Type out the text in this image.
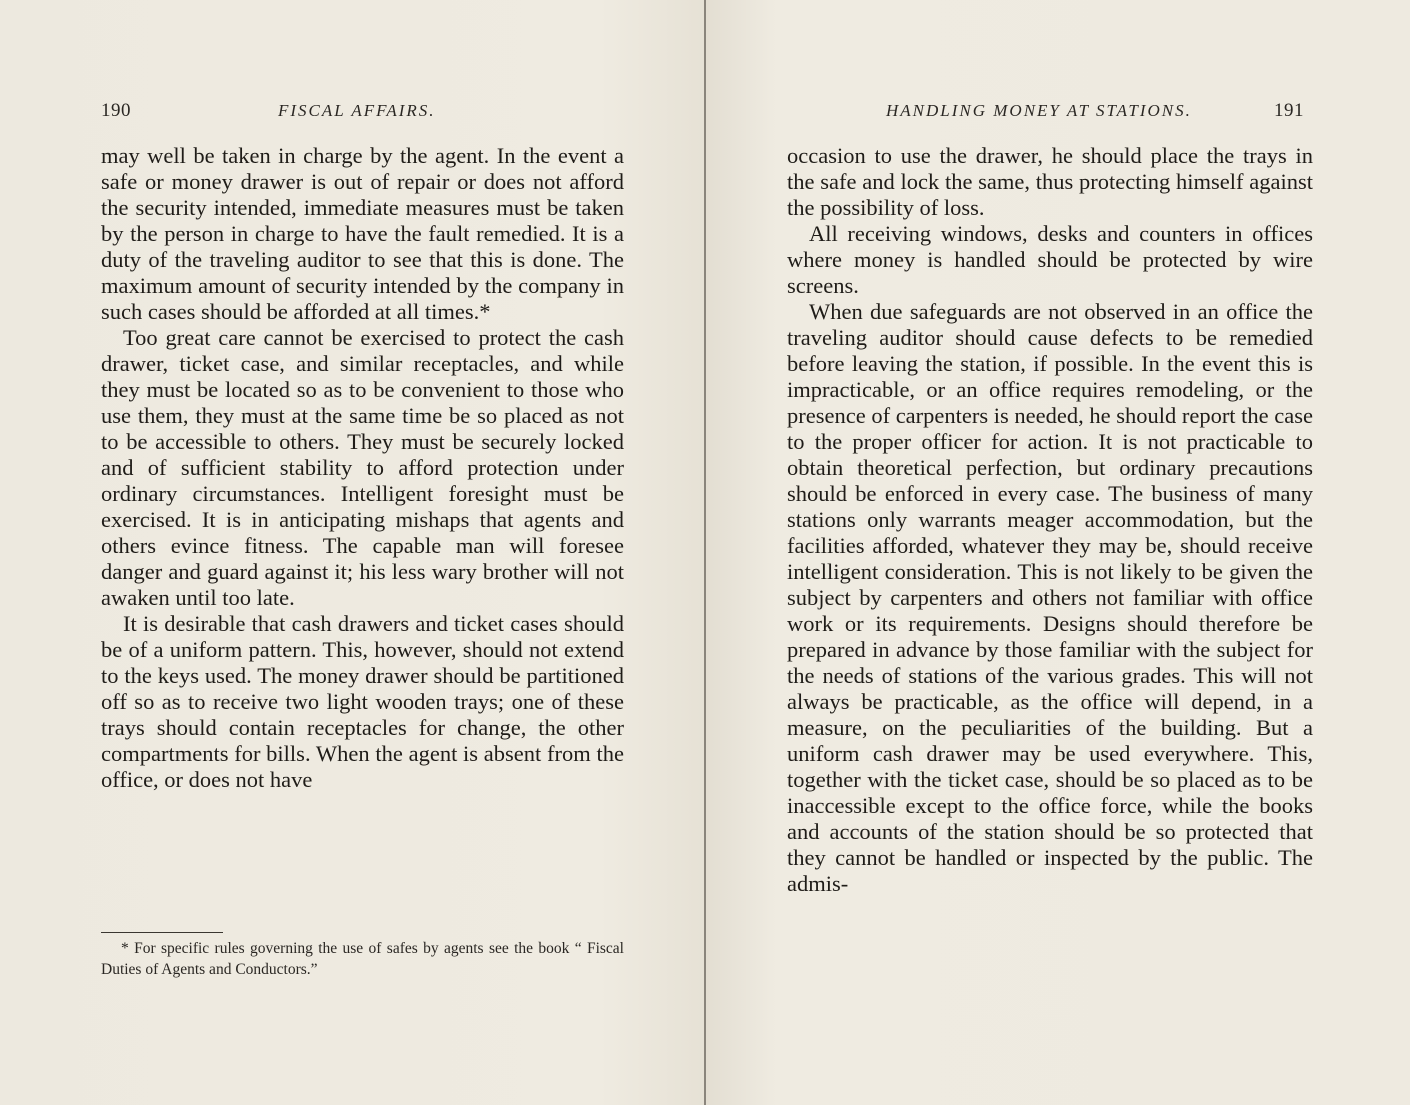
190	FISCAL AFFAIRS.

may well be taken in charge by the agent. In the event a safe or money drawer is out of repair or does not afford the security intended, immediate measures must be taken by the person in charge to have the fault remedied. It is a duty of the traveling auditor to see that this is done. The maximum amount of security intended by the company in such cases should be afforded at all times.*

Too great care cannot be exercised to protect the cash drawer, ticket case, and similar receptacles, and while they must be located so as to be convenient to those who use them, they must at the same time be so placed as not to be accessible to others. They must be securely locked and of sufficient stability to afford protection under ordinary circumstances. Intelligent foresight must be exercised. It is in anticipating mishaps that agents and others evince fitness. The capable man will foresee danger and guard against it; his less wary brother will not awaken until too late.

It is desirable that cash drawers and ticket cases should be of a uniform pattern. This, however, should not extend to the keys used. The money drawer should be partitioned off so as to receive two light wooden trays; one of these trays should contain receptacles for change, the other compartments for bills. When the agent is absent from the office, or does not have

* For specific rules governing the use of safes by agents see the book “ Fiscal Duties of Agents and Conductors.”

HANDLING MONEY AT STATIONS.	191

occasion to use the drawer, he should place the trays in the safe and lock the same, thus protecting himself against the possibility of loss.

All receiving windows, desks and counters in offices where money is handled should be protected by wire screens.

When due safeguards are not observed in an office the traveling auditor should cause defects to be remedied before leaving the station, if possible. In the event this is impracticable, or an office requires remodeling, or the presence of carpenters is needed, he should report the case to the proper officer for action. It is not practicable to obtain theoretical perfection, but ordinary precautions should be enforced in every case. The business of many stations only warrants meager accommodation, but the facilities afforded, whatever they may be, should receive intelligent consideration. This is not likely to be given the subject by carpenters and others not familiar with office work or its requirements. Designs should therefore be prepared in advance by those familiar with the subject for the needs of stations of the various grades. This will not always be practicable, as the office will depend, in a measure, on the peculiarities of the building. But a uniform cash drawer may be used everywhere. This, together with the ticket case, should be so placed as to be inaccessible except to the office force, while the books and accounts of the station should be so protected that they cannot be handled or inspected by the public. The admis-
